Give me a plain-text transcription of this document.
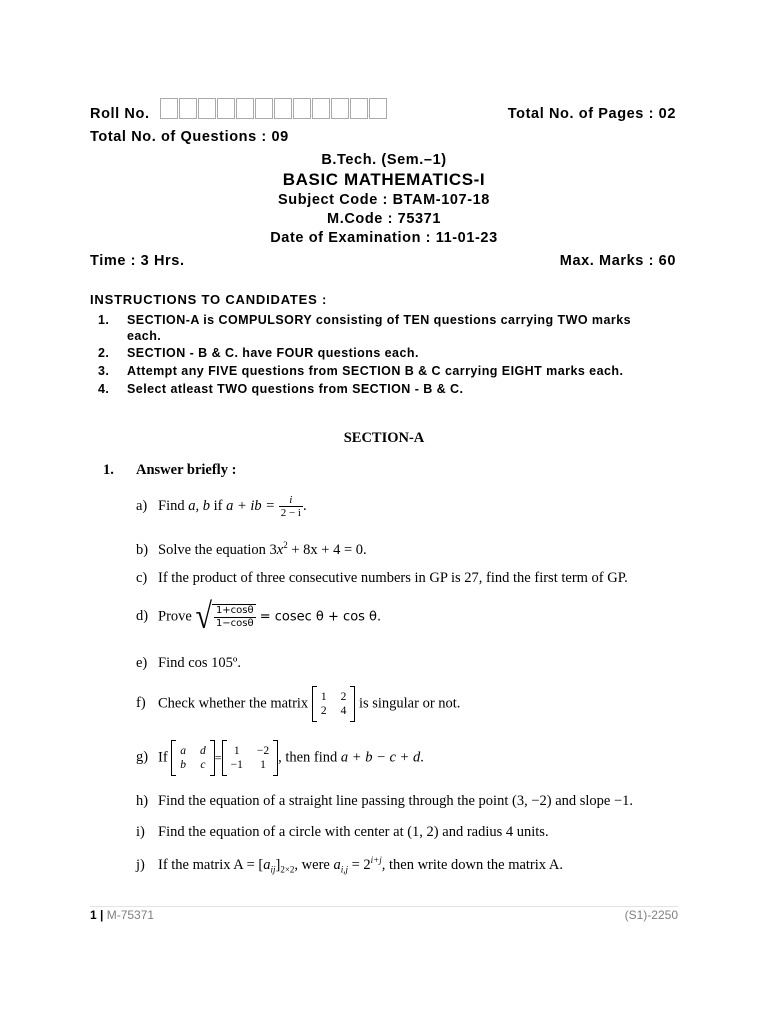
Roll No.	Total No. of Pages : 02
Total No. of Questions : 09
B.Tech. (Sem.–1)
BASIC MATHEMATICS-I
Subject Code : BTAM-107-18
M.Code : 75371
Date of Examination : 11-01-23
Time : 3 Hrs.	Max. Marks : 60
INSTRUCTIONS TO CANDIDATES :
1. SECTION-A is COMPULSORY consisting of TEN questions carrying TWO marks
each.
2. SECTION - B & C. have FOUR questions each.
3. Attempt any FIVE questions from SECTION B & C carrying EIGHT marks each.
4. Select atleast TWO questions from SECTION - B & C.
SECTION-A
1. Answer briefly :
a) Find a, b if a + ib = $\frac{i}{2 - i}$ .
b) Solve the equation $3x^2 + 8x + 4 = 0$.
c) If the product of three consecutive numbers in GP is 27, find the first term of GP.
d) Prove √ $\frac{1+\cos\theta}{1-\cos\theta} = cosec$ θ + cos θ.
e) Find cos 105º.
f) Check whether the matrix 1 2
2 4 is singular or not.
g) If a d
b c
= 1 −2
−1 1 , then find a + b − c + d.
h) Find the equation of a straight line passing through the point (3, −2) and slope −1.
i) Find the equation of a circle with center at (1, 2) and radius 4 units.
j) If the matrix $A = [a_{ij}]_{2\times 2}$, were $a_{i,j} = 2^{i+j}$, then write down the matrix A.
1 | M-75371	(S1)-2250
